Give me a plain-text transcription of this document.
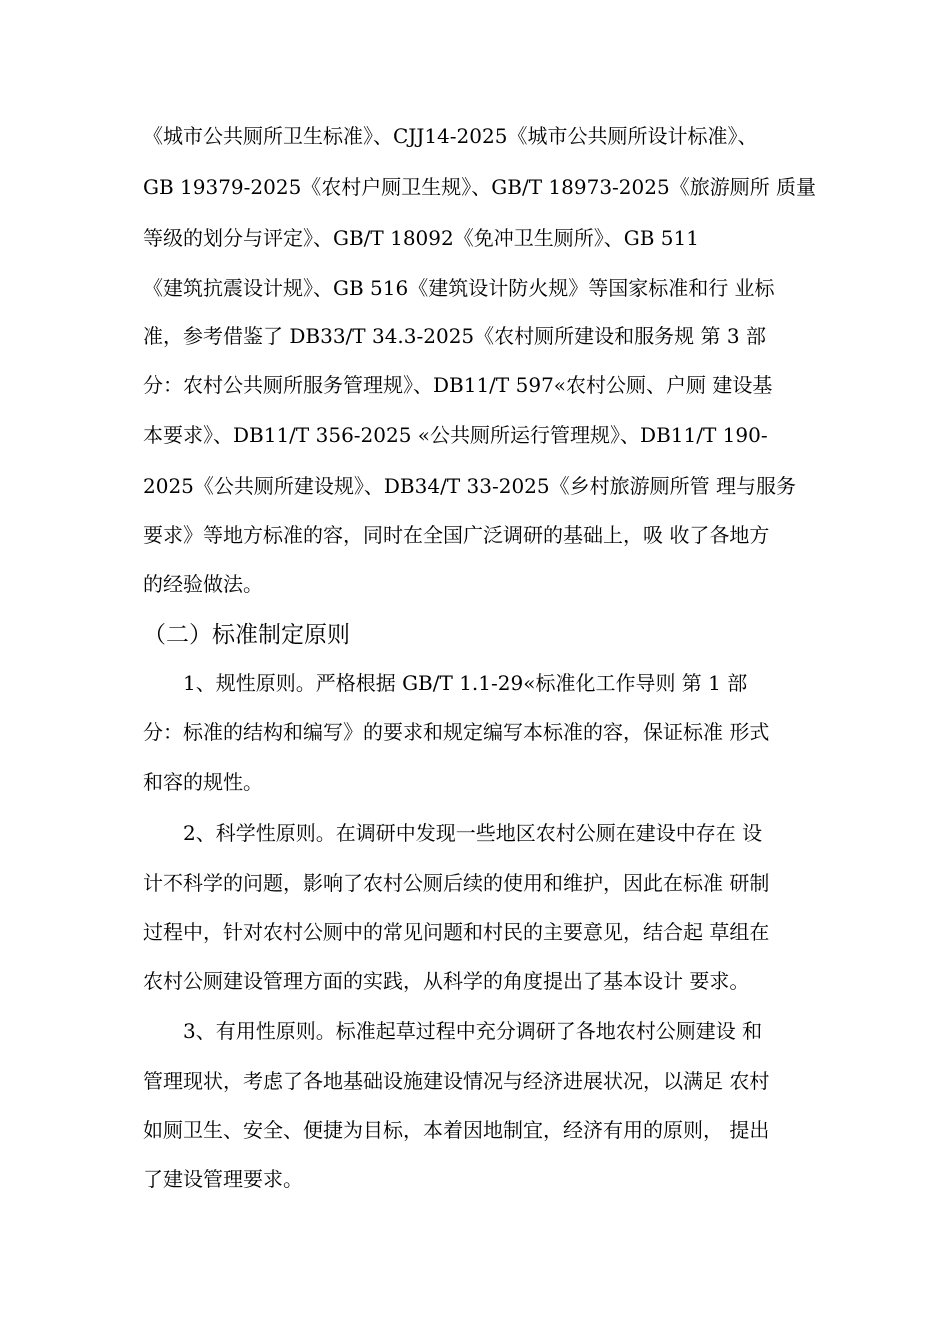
《城市公共厕所卫生标准》、CJJ14-2025《城市公共厕所设计标准》、
GB 19379-2025《农村户厕卫生规》、GB/T 18973-2025《旅游厕所 质量
等级的划分与评定》、GB/T 18092《免冲卫生厕所》、GB 511
《建筑抗震设计规》、GB 516《建筑设计防火规》等国家标准和行 业标
准，参考借鉴了 DB33/T 34.3-2025《农村厕所建设和服务规 第 3 部
分：农村公共厕所服务管理规》、DB11/T 597«农村公厕、户厕 建设基
本要求》、DB11/T 356-2025 «公共厕所运行管理规》、DB11/T 190-
2025《公共厕所建设规》、DB34/T 33-2025《乡村旅游厕所管 理与服务
要求》等地方标准的容，同时在全国广泛调研的基础上，吸 收了各地方
的经验做法。
（二）标准制定原则
1、规性原则。严格根据 GB/T 1.1-29«标准化工作导则 第 1 部
分：标准的结构和编写》的要求和规定编写本标准的容，保证标准 形式
和容的规性。
2、科学性原则。在调研中发现一些地区农村公厕在建设中存在 设
计不科学的问题，影响了农村公厕后续的使用和维护，因此在标准 研制
过程中，针对农村公厕中的常见问题和村民的主要意见，结合起 草组在
农村公厕建设管理方面的实践，从科学的角度提出了基本设计 要求。
3、有用性原则。标准起草过程中充分调研了各地农村公厕建设 和
管理现状，考虑了各地基础设施建设情况与经济进展状况，以满足 农村
如厕卫生、安全、便捷为目标，本着因地制宜，经济有用的原则， 提出
了建设管理要求。
